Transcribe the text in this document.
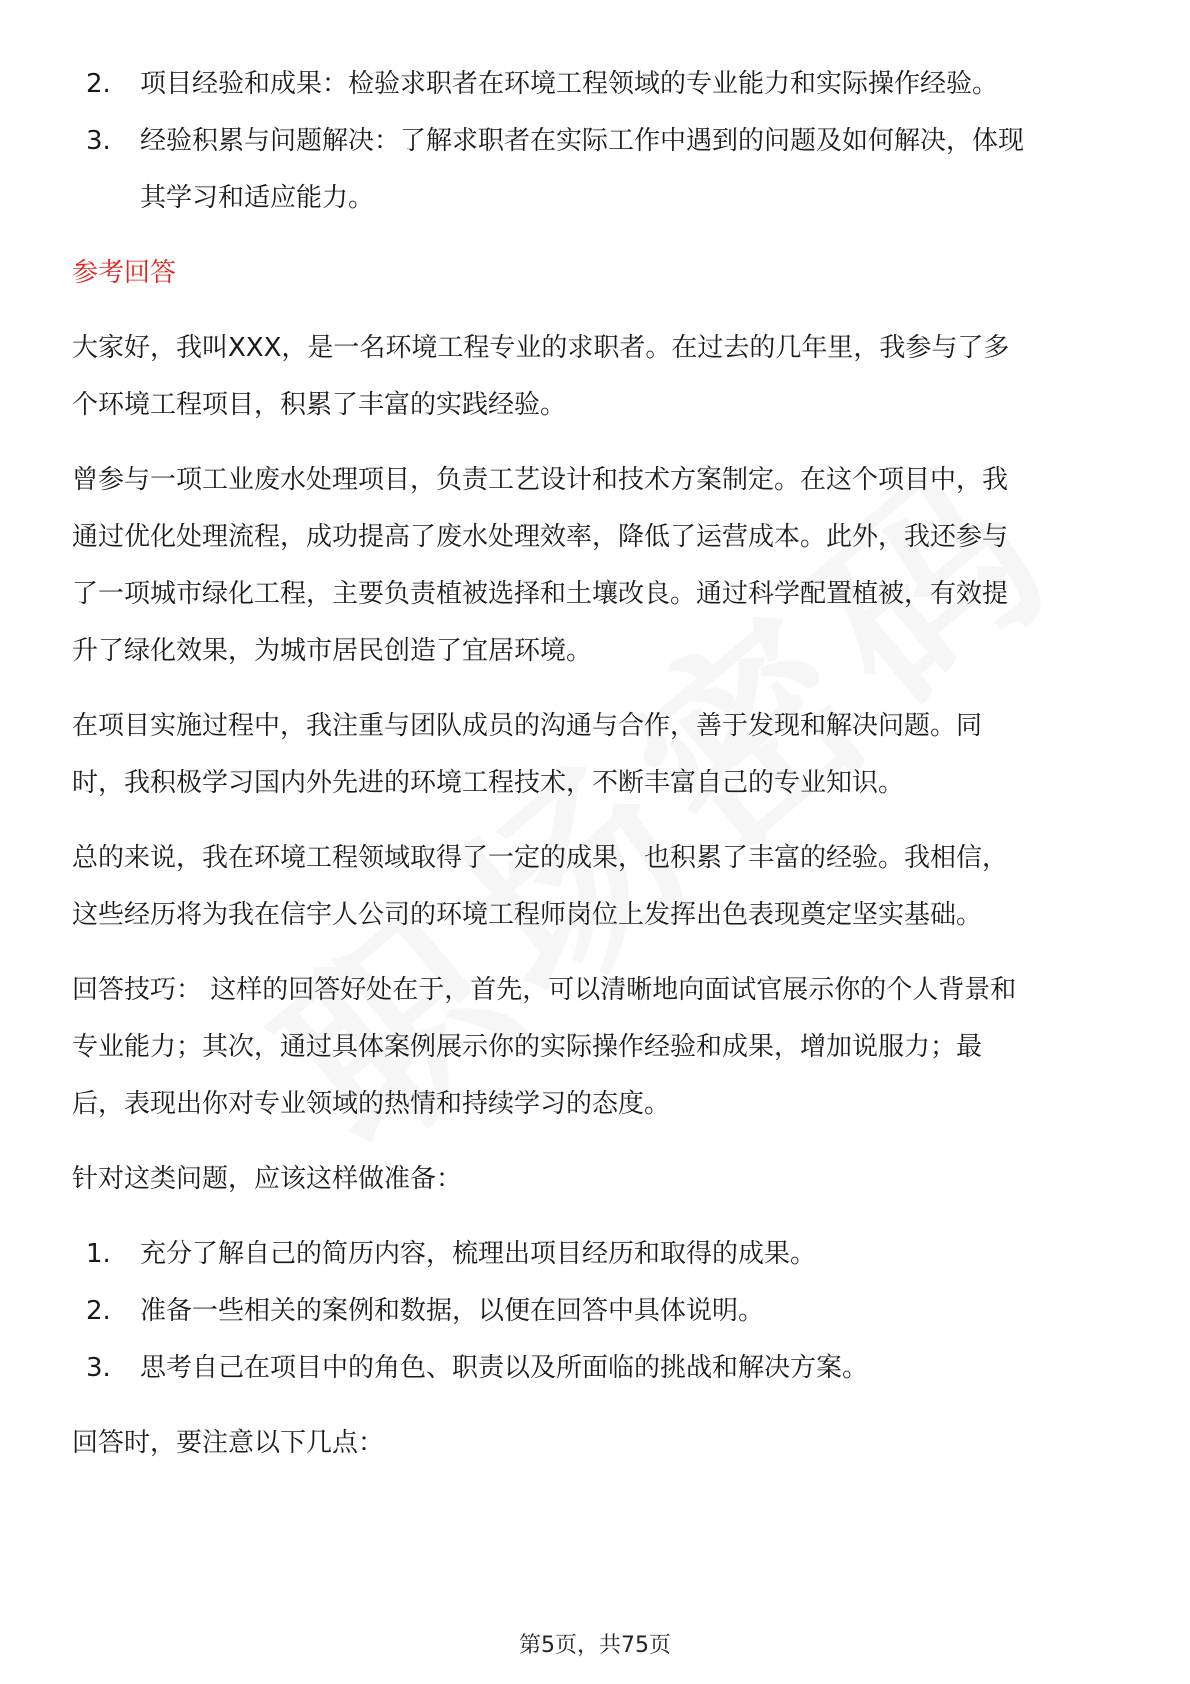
2. 项目经验和成果：检验求职者在环境工程领域的专业能力和实际操作经验。
3. 经验积累与问题解决：了解求职者在实际工作中遇到的问题及如何解决，体现
其学习和适应能力。
参考回答
大家好，我叫XXX，是一名环境工程专业的求职者。在过去的几年里，我参与了多
个环境工程项目，积累了丰富的实践经验。
曾参与一项工业废水处理项目，负责工艺设计和技术方案制定。在这个项目中，我
通过优化处理流程，成功提高了废水处理效率，降低了运营成本。此外，我还参与
了一项城市绿化工程，主要负责植被选择和土壤改良。通过科学配置植被，有效提
升了绿化效果，为城市居民创造了宜居环境。
在项目实施过程中，我注重与团队成员的沟通与合作，善于发现和解决问题。同
时，我积极学习国内外先进的环境工程技术，不断丰富自己的专业知识。
总的来说，我在环境工程领域取得了一定的成果，也积累了丰富的经验。我相信，
这些经历将为我在信宇人公司的环境工程师岗位上发挥出色表现奠定坚实基础。
回答技巧： 这样的回答好处在于，首先，可以清晰地向面试官展示你的个人背景和
专业能力；其次，通过具体案例展示你的实际操作经验和成果，增加说服力；最
后，表现出你对专业领域的热情和持续学习的态度。
针对这类问题，应该这样做准备：
1. 充分了解自己的简历内容，梳理出项目经历和取得的成果。
2. 准备一些相关的案例和数据，以便在回答中具体说明。
3. 思考自己在项目中的角色、职责以及所面临的挑战和解决方案。
回答时，要注意以下几点：
第5页，共75页
